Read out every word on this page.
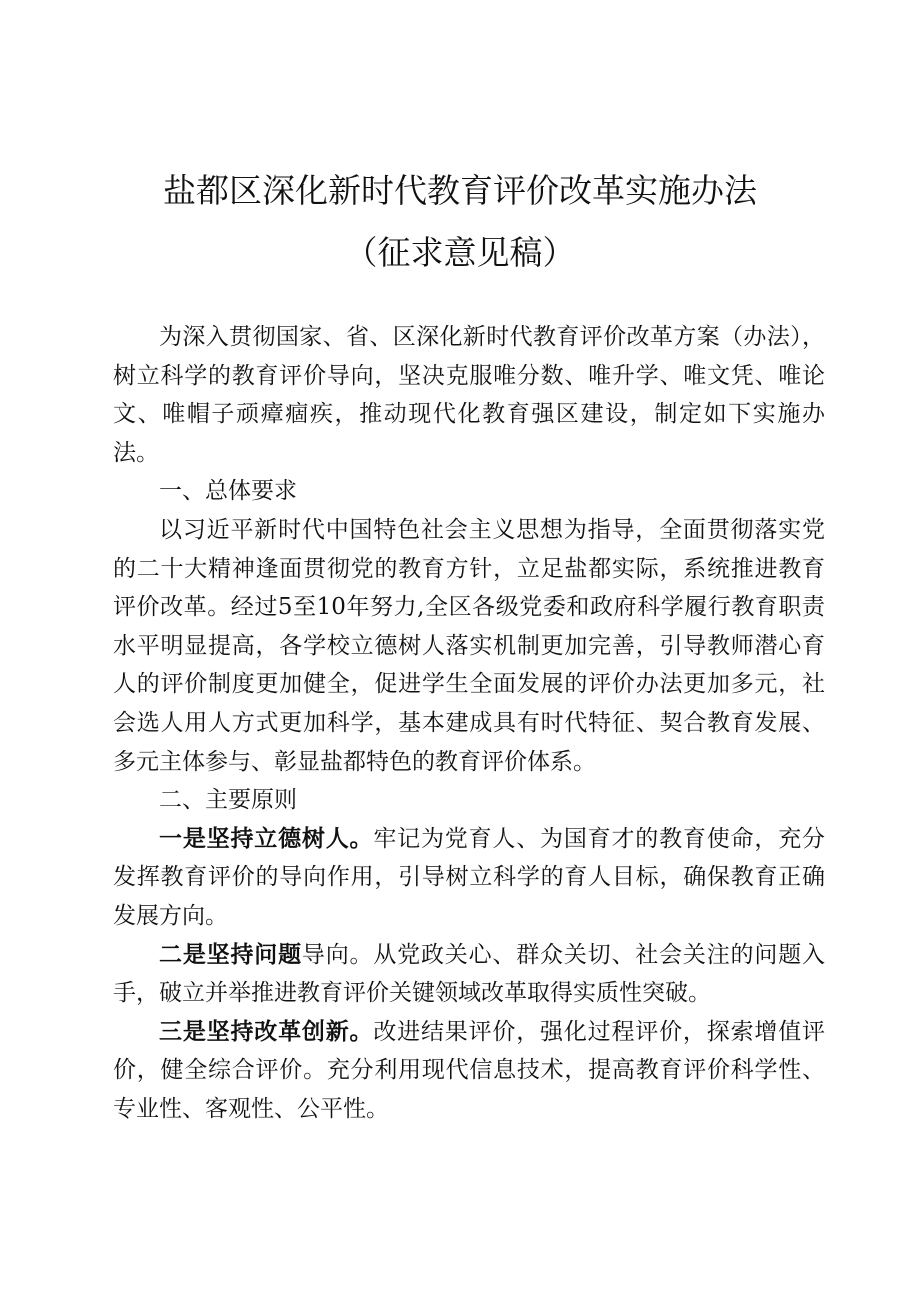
盐都区深化新时代教育评价改革实施办法
（征求意见稿）

为深入贯彻国家、省、区深化新时代教育评价改革方案（办法），树立科学的教育评价导向，坚决克服唯分数、唯升学、唯文凭、唯论文、唯帽子顽瘴痼疾，推动现代化教育强区建设，制定如下实施办法。

一、总体要求

以习近平新时代中国特色社会主义思想为指导，全面贯彻落实党的二十大精神逢面贯彻党的教育方针，立足盐都实际，系统推进教育评价改革。经过5至10年努力,全区各级党委和政府科学履行教育职责水平明显提高，各学校立德树人落实机制更加完善，引导教师潜心育人的评价制度更加健全，促进学生全面发展的评价办法更加多元，社会选人用人方式更加科学，基本建成具有时代特征、契合教育发展、多元主体参与、彰显盐都特色的教育评价体系。

二、主要原则

一是坚持立德树人。牢记为党育人、为国育才的教育使命，充分发挥教育评价的导向作用，引导树立科学的育人目标，确保教育正确发展方向。

二是坚持问题导向。从党政关心、群众关切、社会关注的问题入手，破立并举推进教育评价关键领域改革取得实质性突破。

三是坚持改革创新。改进结果评价，强化过程评价，探索增值评价，健全综合评价。充分利用现代信息技术，提高教育评价科学性、专业性、客观性、公平性。
